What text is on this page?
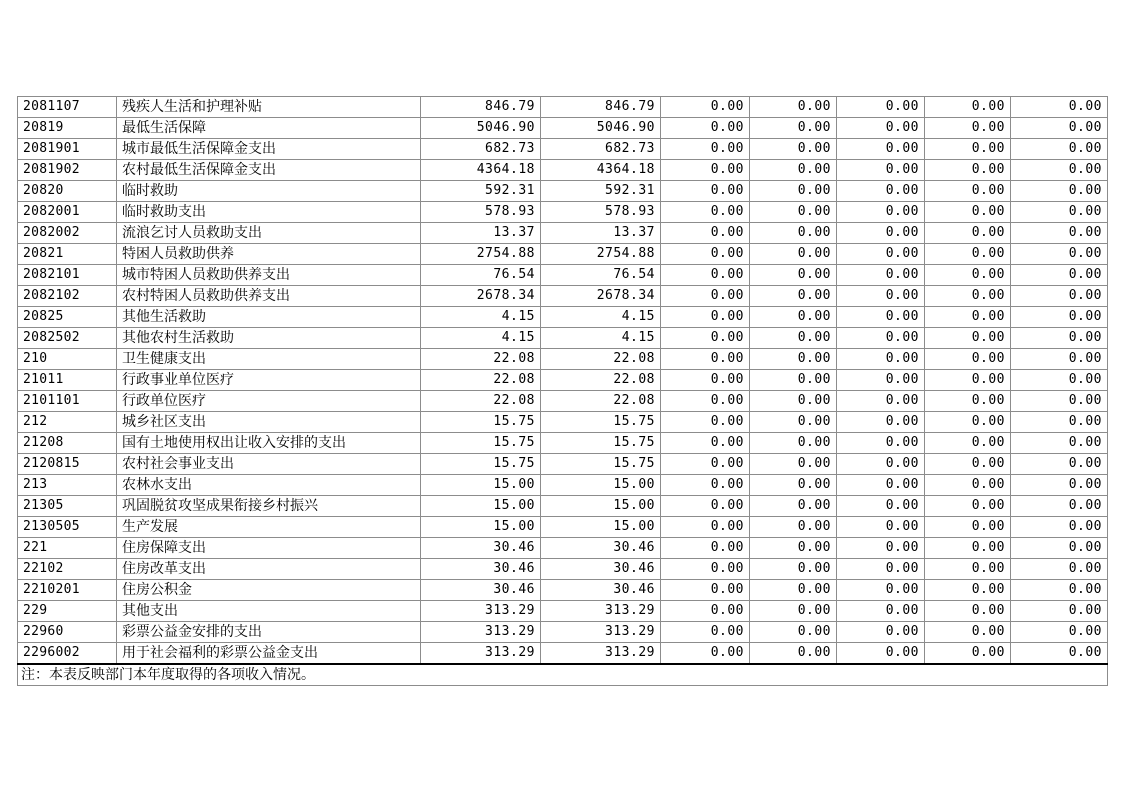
2081107	残疾人生活和护理补贴	846.79	846.79	0.00	0.00	0.00	0.00	0.00
20819	最低生活保障	5046.90	5046.90	0.00	0.00	0.00	0.00	0.00
2081901	城市最低生活保障金支出	682.73	682.73	0.00	0.00	0.00	0.00	0.00
2081902	农村最低生活保障金支出	4364.18	4364.18	0.00	0.00	0.00	0.00	0.00
20820	临时救助	592.31	592.31	0.00	0.00	0.00	0.00	0.00
2082001	临时救助支出	578.93	578.93	0.00	0.00	0.00	0.00	0.00
2082002	流浪乞讨人员救助支出	13.37	13.37	0.00	0.00	0.00	0.00	0.00
20821	特困人员救助供养	2754.88	2754.88	0.00	0.00	0.00	0.00	0.00
2082101	城市特困人员救助供养支出	76.54	76.54	0.00	0.00	0.00	0.00	0.00
2082102	农村特困人员救助供养支出	2678.34	2678.34	0.00	0.00	0.00	0.00	0.00
20825	其他生活救助	4.15	4.15	0.00	0.00	0.00	0.00	0.00
2082502	其他农村生活救助	4.15	4.15	0.00	0.00	0.00	0.00	0.00
210	卫生健康支出	22.08	22.08	0.00	0.00	0.00	0.00	0.00
21011	行政事业单位医疗	22.08	22.08	0.00	0.00	0.00	0.00	0.00
2101101	行政单位医疗	22.08	22.08	0.00	0.00	0.00	0.00	0.00
212	城乡社区支出	15.75	15.75	0.00	0.00	0.00	0.00	0.00
21208	国有土地使用权出让收入安排的支出	15.75	15.75	0.00	0.00	0.00	0.00	0.00
2120815	农村社会事业支出	15.75	15.75	0.00	0.00	0.00	0.00	0.00
213	农林水支出	15.00	15.00	0.00	0.00	0.00	0.00	0.00
21305	巩固脱贫攻坚成果衔接乡村振兴	15.00	15.00	0.00	0.00	0.00	0.00	0.00
2130505	生产发展	15.00	15.00	0.00	0.00	0.00	0.00	0.00
221	住房保障支出	30.46	30.46	0.00	0.00	0.00	0.00	0.00
22102	住房改革支出	30.46	30.46	0.00	0.00	0.00	0.00	0.00
2210201	住房公积金	30.46	30.46	0.00	0.00	0.00	0.00	0.00
229	其他支出	313.29	313.29	0.00	0.00	0.00	0.00	0.00
22960	彩票公益金安排的支出	313.29	313.29	0.00	0.00	0.00	0.00	0.00
2296002	用于社会福利的彩票公益金支出	313.29	313.29	0.00	0.00	0.00	0.00	0.00
注：本表反映部门本年度取得的各项收入情况。								
